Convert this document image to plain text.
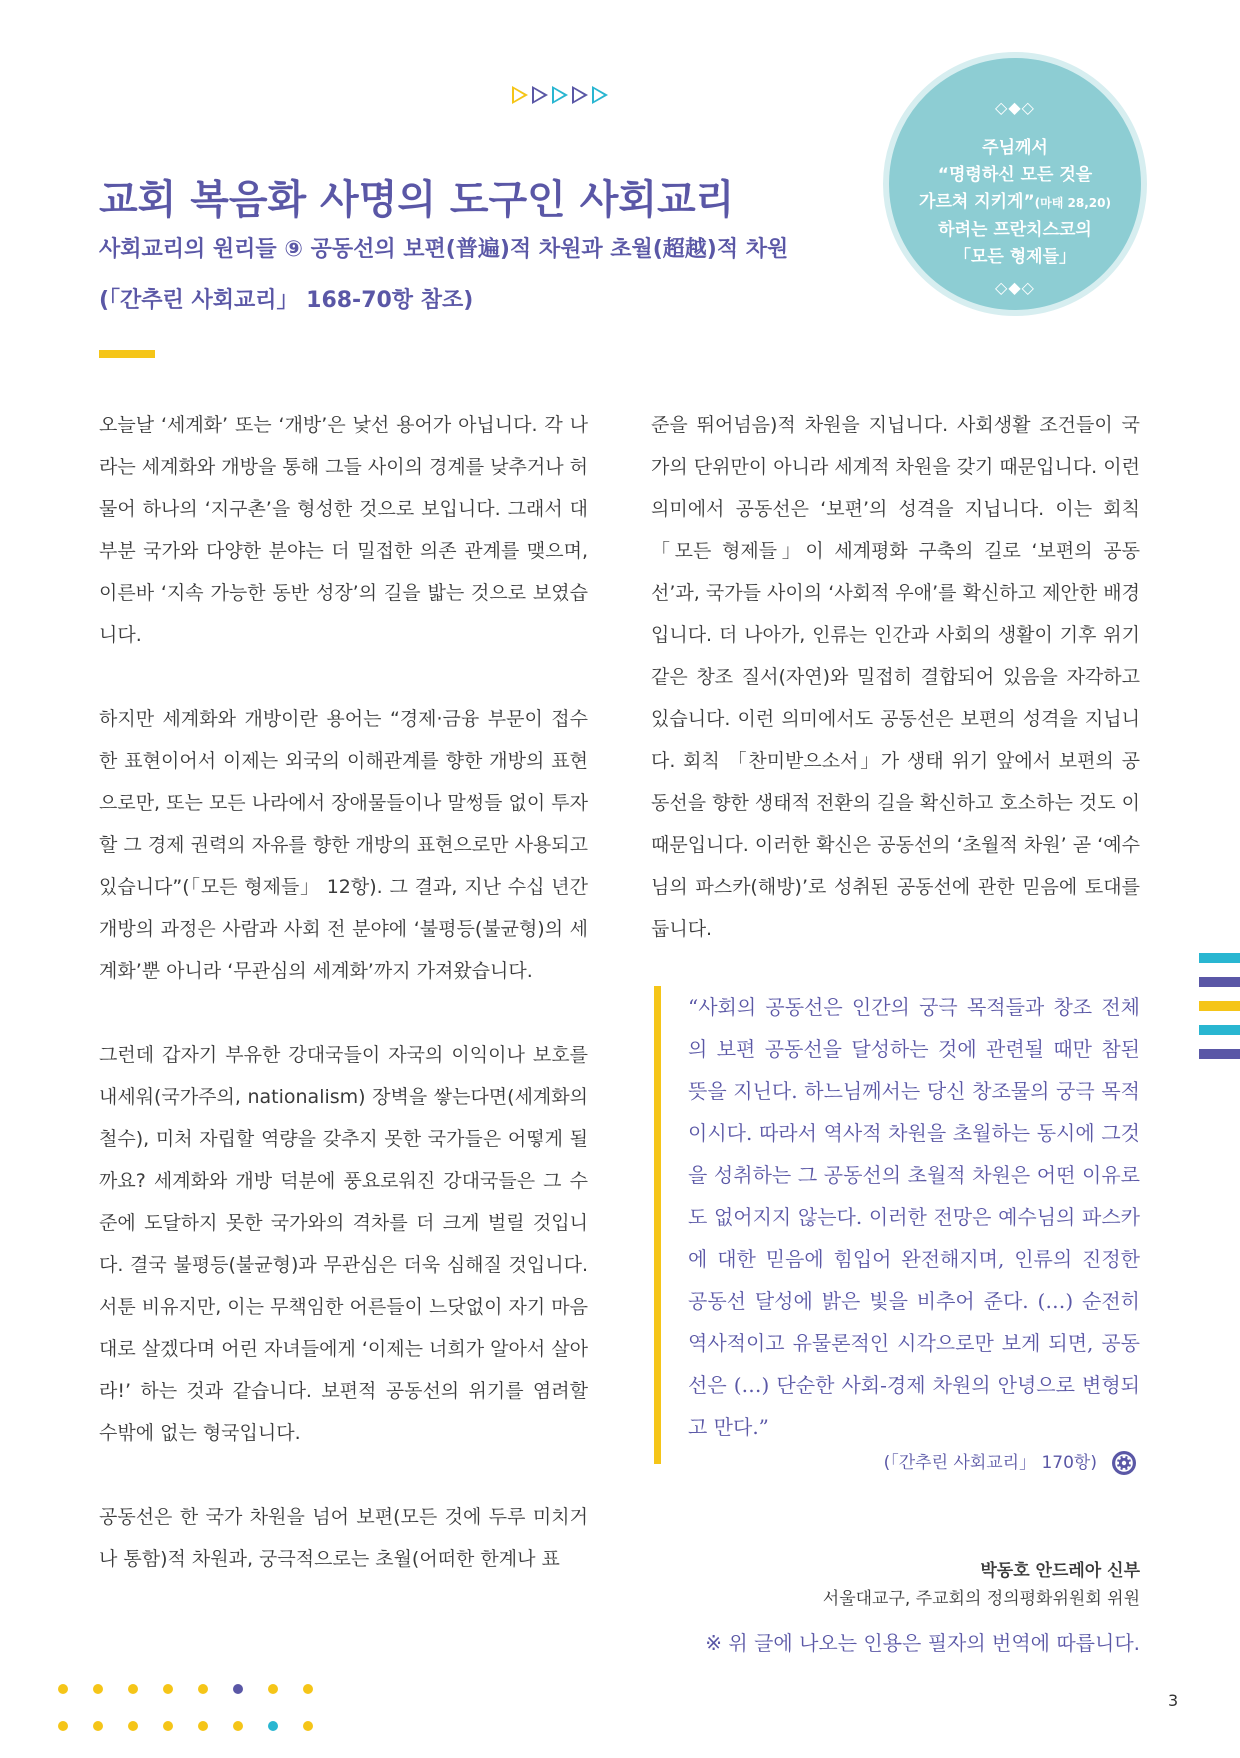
◇◆◇
주님께서
“명령하신 모든 것을
가르쳐 지키게”(마태 28,20)
하려는 프란치스코의
「모든 형제들」
◇◆◇
교회 복음화 사명의 도구인 사회교리
사회교리의 원리들 ⑨ 공동선의 보편(普遍)적 차원과 초월(超越)적 차원
(「간추린 사회교리」 168-70항 참조)

오늘날 ‘세계화’ 또는 ‘개방’은 낯선 용어가 아닙니다. 각 나라는 세계화와 개방을 통해 그들 사이의 경계를 낮추거나 허물어 하나의 ‘지구촌’을 형성한 것으로 보입니다. 그래서 대부분 국가와 다양한 분야는 더 밀접한 의존 관계를 맺으며, 이른바 ‘지속 가능한 동반 성장’의 길을 밟는 것으로 보였습니다.

하지만 세계화와 개방이란 용어는 “경제·금융 부문이 접수한 표현이어서 이제는 외국의 이해관계를 향한 개방의 표현으로만, 또는 모든 나라에서 장애물들이나 말썽들 없이 투자할 그 경제 권력의 자유를 향한 개방의 표현으로만 사용되고 있습니다”(「모든 형제들」 12항). 그 결과, 지난 수십 년간 개방의 과정은 사람과 사회 전 분야에 ‘불평등(불균형)의 세계화’뿐 아니라 ‘무관심의 세계화’까지 가져왔습니다.

그런데 갑자기 부유한 강대국들이 자국의 이익이나 보호를 내세워(국가주의, nationalism) 장벽을 쌓는다면(세계화의 철수), 미처 자립할 역량을 갖추지 못한 국가들은 어떻게 될까요? 세계화와 개방 덕분에 풍요로워진 강대국들은 그 수준에 도달하지 못한 국가와의 격차를 더 크게 벌릴 것입니다. 결국 불평등(불균형)과 무관심은 더욱 심해질 것입니다. 서툰 비유지만, 이는 무책임한 어른들이 느닷없이 자기 마음대로 살겠다며 어린 자녀들에게 ‘이제는 너희가 알아서 살아라!’ 하는 것과 같습니다. 보편적 공동선의 위기를 염려할 수밖에 없는 형국입니다.

공동선은 한 국가 차원을 넘어 보편(모든 것에 두루 미치거나 통함)적 차원과, 궁극적으로는 초월(어떠한 한계나 표

준을 뛰어넘음)적 차원을 지닙니다. 사회생활 조건들이 국가의 단위만이 아니라 세계적 차원을 갖기 때문입니다. 이런 의미에서 공동선은 ‘보편’의 성격을 지닙니다. 이는 회칙 「모든 형제들」이 세계평화 구축의 길로 ‘보편의 공동선’과, 국가들 사이의 ‘사회적 우애’를 확신하고 제안한 배경입니다. 더 나아가, 인류는 인간과 사회의 생활이 기후 위기 같은 창조 질서(자연)와 밀접히 결합되어 있음을 자각하고 있습니다. 이런 의미에서도 공동선은 보편의 성격을 지닙니다. 회칙 「찬미받으소서」가 생태 위기 앞에서 보편의 공동선을 향한 생태적 전환의 길을 확신하고 호소하는 것도 이 때문입니다. 이러한 확신은 공동선의 ‘초월적 차원’ 곧 ‘예수님의 파스카(해방)’로 성취된 공동선에 관한 믿음에 토대를 둡니다.

“사회의 공동선은 인간의 궁극 목적들과 창조 전체의 보편 공동선을 달성하는 것에 관련될 때만 참된 뜻을 지닌다. 하느님께서는 당신 창조물의 궁극 목적이시다. 따라서 역사적 차원을 초월하는 동시에 그것을 성취하는 그 공동선의 초월적 차원은 어떤 이유로도 없어지지 않는다. 이러한 전망은 예수님의 파스카에 대한 믿음에 힘입어 완전해지며, 인류의 진정한 공동선 달성에 밝은 빛을 비추어 준다. (…) 순전히 역사적이고 유물론적인 시각으로만 보게 되면, 공동선은 (…) 단순한 사회-경제 차원의 안녕으로 변형되고 만다.”
(「간추린 사회교리」 170항)
박동호 안드레아 신부
서울대교구, 주교회의 정의평화위원회 위원
※ 위 글에 나오는 인용은 필자의 번역에 따릅니다.
3
